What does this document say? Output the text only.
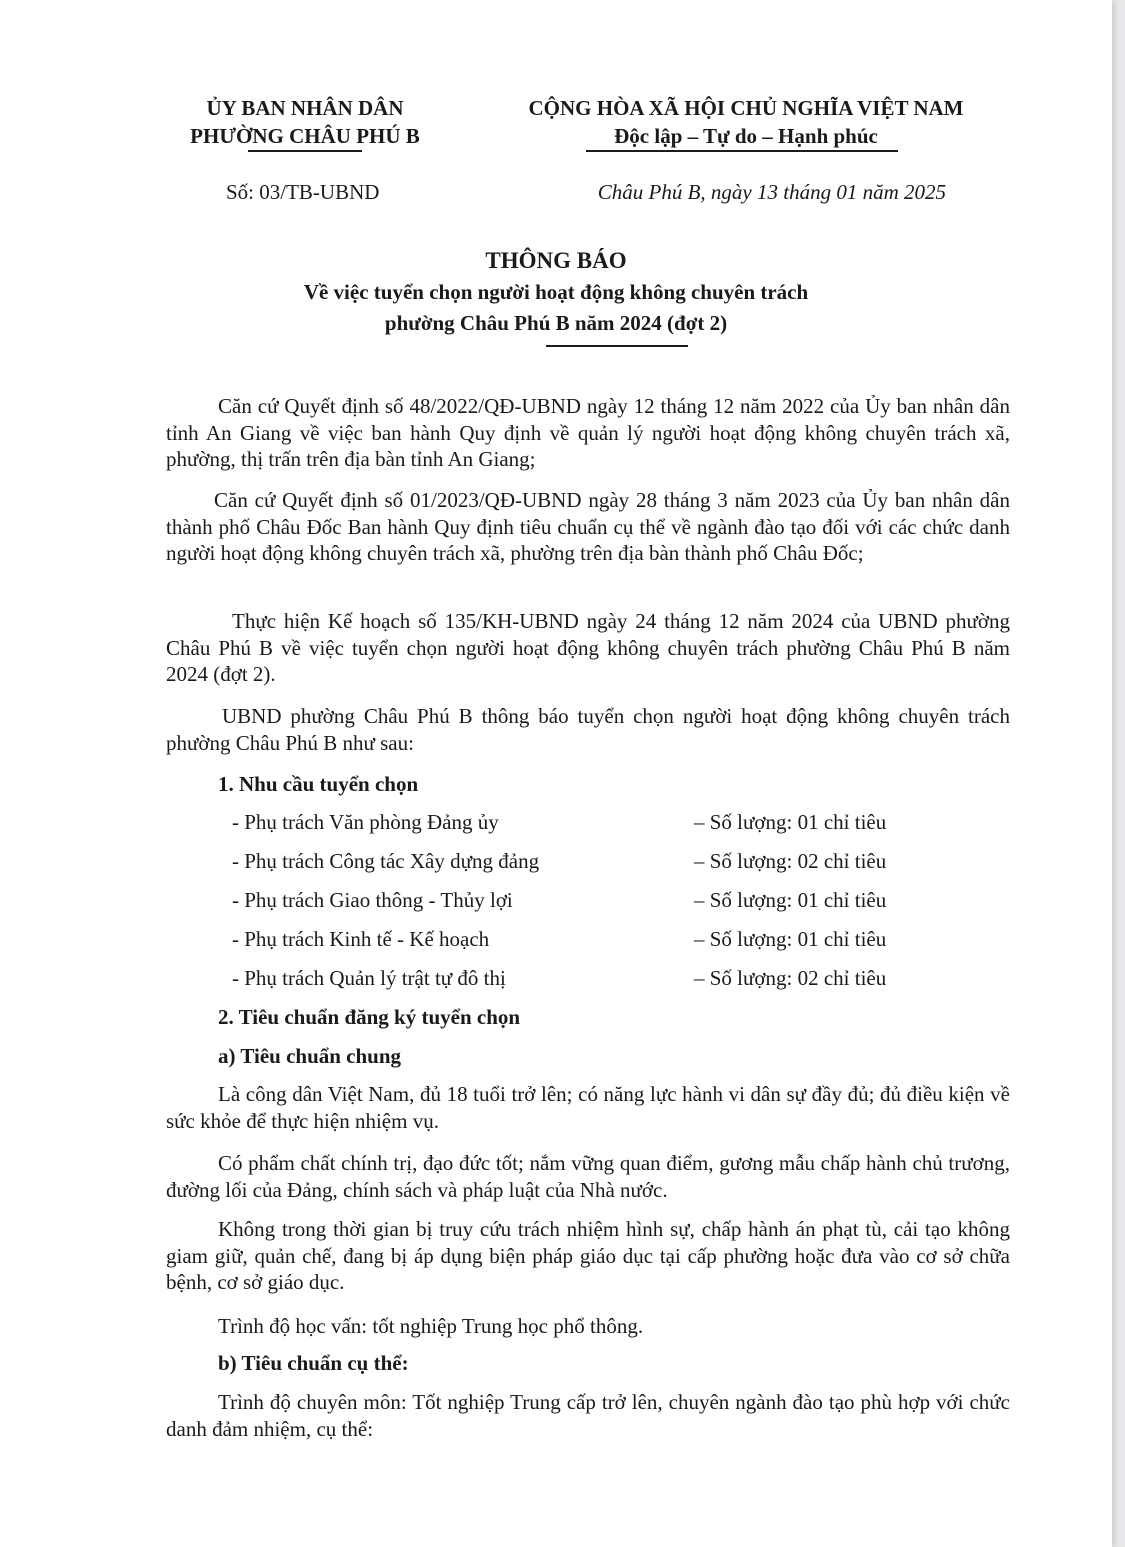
ỦY BAN NHÂN DÂN
PHƯỜNG CHÂU PHÚ B
CỘNG HÒA XÃ HỘI CHỦ NGHĨA VIỆT NAM
Độc lập – Tự do – Hạnh phúc
Số: 03/TB-UBND	Châu Phú B, ngày 13 tháng 01 năm 2025
THÔNG BÁO
Về việc tuyển chọn người hoạt động không chuyên trách
phường Châu Phú B năm 2024 (đợt 2)
Căn cứ Quyết định số 48/2022/QĐ-UBND ngày 12 tháng 12 năm 2022 của Ủy ban nhân dân tỉnh An Giang về việc ban hành Quy định về quản lý người hoạt động không chuyên trách xã, phường, thị trấn trên địa bàn tỉnh An Giang;
Căn cứ Quyết định số 01/2023/QĐ-UBND ngày 28 tháng 3 năm 2023 của Ủy ban nhân dân thành phố Châu Đốc Ban hành Quy định tiêu chuẩn cụ thể về ngành đào tạo đối với các chức danh người hoạt động không chuyên trách xã, phường trên địa bàn thành phố Châu Đốc;
Thực hiện Kế hoạch số 135/KH-UBND ngày 24 tháng 12 năm 2024 của UBND phường Châu Phú B về việc tuyển chọn người hoạt động không chuyên trách phường Châu Phú B năm 2024 (đợt 2).
UBND phường Châu Phú B thông báo tuyển chọn người hoạt động không chuyên trách phường Châu Phú B như sau:
1. Nhu cầu tuyển chọn
- Phụ trách Văn phòng Đảng ủy	– Số lượng: 01 chỉ tiêu
- Phụ trách Công tác Xây dựng đảng	– Số lượng: 02 chỉ tiêu
- Phụ trách Giao thông - Thủy lợi	– Số lượng: 01 chỉ tiêu
- Phụ trách Kinh tế - Kế hoạch	– Số lượng: 01 chỉ tiêu
- Phụ trách Quản lý trật tự đô thị	– Số lượng: 02 chỉ tiêu
2. Tiêu chuẩn đăng ký tuyển chọn
a) Tiêu chuẩn chung
Là công dân Việt Nam, đủ 18 tuổi trở lên; có năng lực hành vi dân sự đầy đủ; đủ điều kiện về sức khỏe để thực hiện nhiệm vụ.
Có phẩm chất chính trị, đạo đức tốt; nắm vững quan điểm, gương mẫu chấp hành chủ trương, đường lối của Đảng, chính sách và pháp luật của Nhà nước.
Không trong thời gian bị truy cứu trách nhiệm hình sự, chấp hành án phạt tù, cải tạo không giam giữ, quản chế, đang bị áp dụng biện pháp giáo dục tại cấp phường hoặc đưa vào cơ sở chữa bệnh, cơ sở giáo dục.
Trình độ học vấn: tốt nghiệp Trung học phổ thông.
b) Tiêu chuẩn cụ thể:
Trình độ chuyên môn: Tốt nghiệp Trung cấp trở lên, chuyên ngành đào tạo phù hợp với chức danh đảm nhiệm, cụ thể:
